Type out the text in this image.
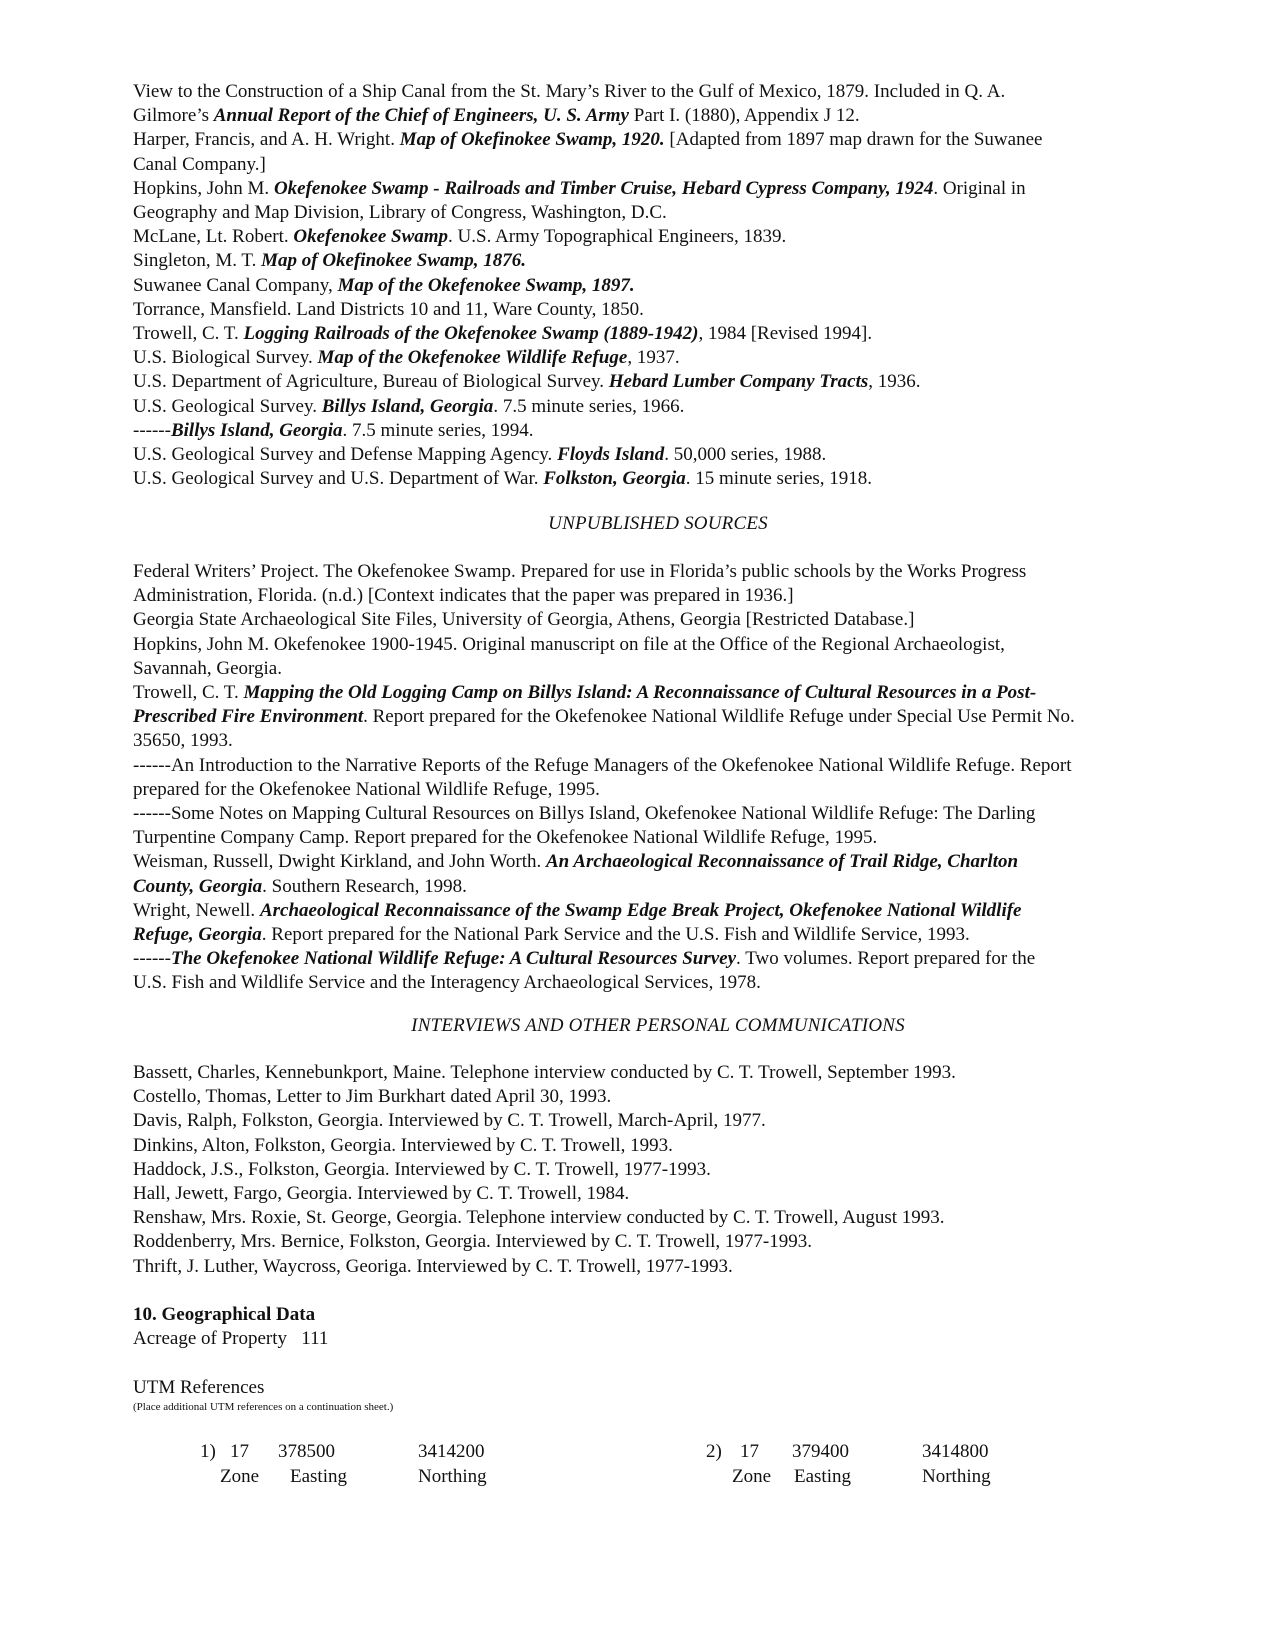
View to the Construction of a Ship Canal from the St. Mary’s River to the Gulf of Mexico, 1879. Included in Q. A.
Gilmore’s Annual Report of the Chief of Engineers, U. S. Army Part I. (1880), Appendix J 12.
Harper, Francis, and A. H. Wright. Map of Okefinokee Swamp, 1920. [Adapted from 1897 map drawn for the Suwanee
Canal Company.]
Hopkins, John M. Okefenokee Swamp - Railroads and Timber Cruise, Hebard Cypress Company, 1924. Original in
Geography and Map Division, Library of Congress, Washington, D.C.
McLane, Lt. Robert. Okefenokee Swamp. U.S. Army Topographical Engineers, 1839.
Singleton, M. T. Map of Okefinokee Swamp, 1876.
Suwanee Canal Company, Map of the Okefenokee Swamp, 1897.
Torrance, Mansfield. Land Districts 10 and 11, Ware County, 1850.
Trowell, C. T. Logging Railroads of the Okefenokee Swamp (1889-1942), 1984 [Revised 1994].
U.S. Biological Survey. Map of the Okefenokee Wildlife Refuge, 1937.
U.S. Department of Agriculture, Bureau of Biological Survey. Hebard Lumber Company Tracts, 1936.
U.S. Geological Survey. Billys Island, Georgia. 7.5 minute series, 1966.
------Billys Island, Georgia. 7.5 minute series, 1994.
U.S. Geological Survey and Defense Mapping Agency. Floyds Island. 50,000 series, 1988.
U.S. Geological Survey and U.S. Department of War. Folkston, Georgia. 15 minute series, 1918.
UNPUBLISHED SOURCES
Federal Writers’ Project. The Okefenokee Swamp. Prepared for use in Florida’s public schools by the Works Progress
Administration, Florida. (n.d.) [Context indicates that the paper was prepared in 1936.]
Georgia State Archaeological Site Files, University of Georgia, Athens, Georgia [Restricted Database.]
Hopkins, John M. Okefenokee 1900-1945. Original manuscript on file at the Office of the Regional Archaeologist,
Savannah, Georgia.
Trowell, C. T. Mapping the Old Logging Camp on Billys Island: A Reconnaissance of Cultural Resources in a Post-
Prescribed Fire Environment. Report prepared for the Okefenokee National Wildlife Refuge under Special Use Permit No.
35650, 1993.
------An Introduction to the Narrative Reports of the Refuge Managers of the Okefenokee National Wildlife Refuge. Report
prepared for the Okefenokee National Wildlife Refuge, 1995.
------Some Notes on Mapping Cultural Resources on Billys Island, Okefenokee National Wildlife Refuge: The Darling
Turpentine Company Camp. Report prepared for the Okefenokee National Wildlife Refuge, 1995.
Weisman, Russell, Dwight Kirkland, and John Worth. An Archaeological Reconnaissance of Trail Ridge, Charlton
County, Georgia. Southern Research, 1998.
Wright, Newell. Archaeological Reconnaissance of the Swamp Edge Break Project, Okefenokee National Wildlife
Refuge, Georgia. Report prepared for the National Park Service and the U.S. Fish and Wildlife Service, 1993.
------The Okefenokee National Wildlife Refuge: A Cultural Resources Survey. Two volumes. Report prepared for the
U.S. Fish and Wildlife Service and the Interagency Archaeological Services, 1978.
INTERVIEWS AND OTHER PERSONAL COMMUNICATIONS
Bassett, Charles, Kennebunkport, Maine. Telephone interview conducted by C. T. Trowell, September 1993.
Costello, Thomas, Letter to Jim Burkhart dated April 30, 1993.
Davis, Ralph, Folkston, Georgia. Interviewed by C. T. Trowell, March-April, 1977.
Dinkins, Alton, Folkston, Georgia. Interviewed by C. T. Trowell, 1993.
Haddock, J.S., Folkston, Georgia. Interviewed by C. T. Trowell, 1977-1993.
Hall, Jewett, Fargo, Georgia. Interviewed by C. T. Trowell, 1984.
Renshaw, Mrs. Roxie, St. George, Georgia. Telephone interview conducted by C. T. Trowell, August 1993.
Roddenberry, Mrs. Bernice, Folkston, Georgia. Interviewed by C. T. Trowell, 1977-1993.
Thrift, J. Luther, Waycross, Georiga. Interviewed by C. T. Trowell, 1977-1993.
10. Geographical Data
Acreage of Property 111
UTM References
(Place additional UTM references on a continuation sheet.)
1) 17 378500	3414200
Zone Easting	Northing
2) 17 379400	3414800
Zone Easting	Northing
